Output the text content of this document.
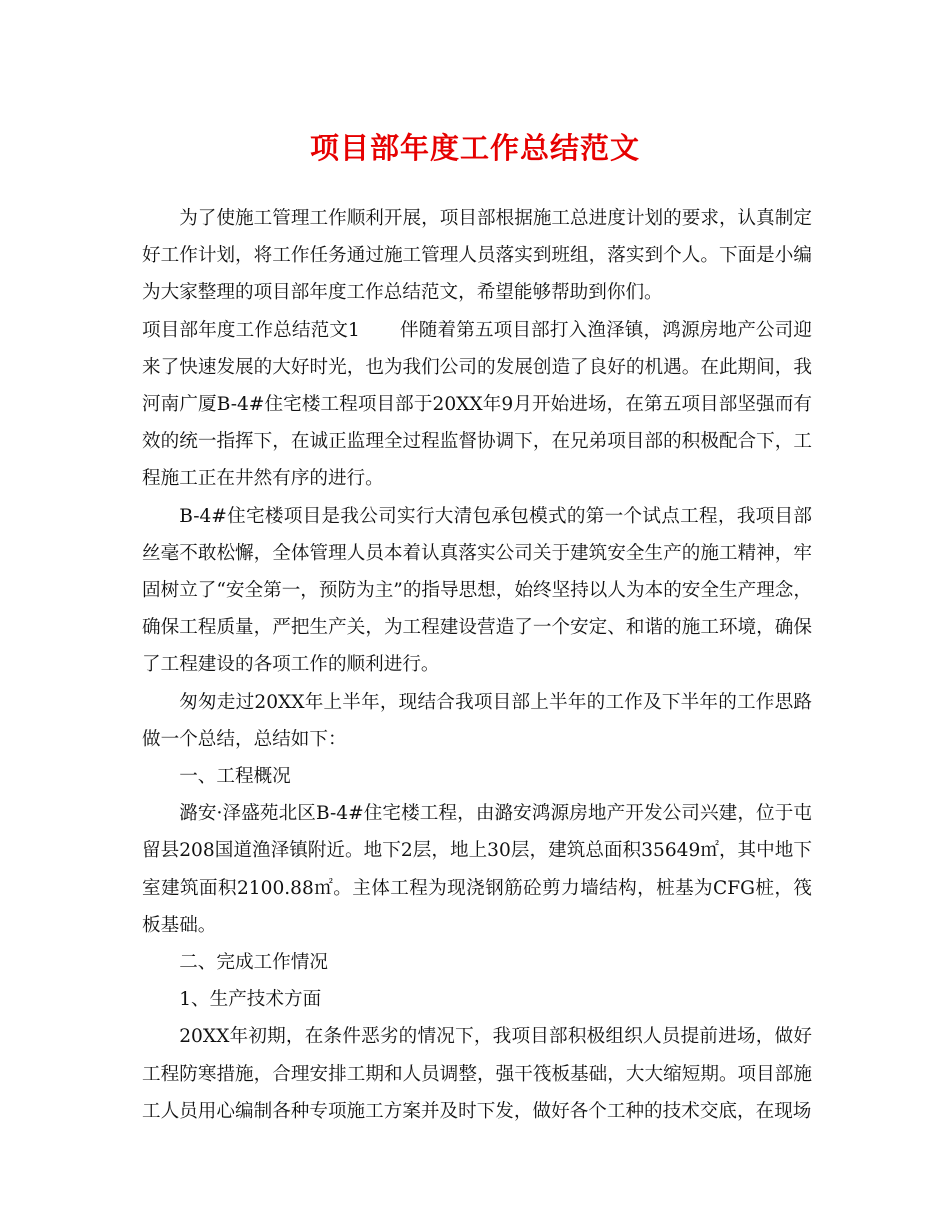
项目部年度工作总结范文

为了使施工管理工作顺利开展，项目部根据施工总进度计划的要求，认真制定好工作计划，将工作任务通过施工管理人员落实到班组，落实到个人。下面是小编为大家整理的项目部年度工作总结范文，希望能够帮助到你们。

项目部年度工作总结范文1 伴随着第五项目部打入渔泽镇，鸿源房地产公司迎来了快速发展的大好时光，也为我们公司的发展创造了良好的机遇。在此期间，我河南广厦B-4#住宅楼工程项目部于20XX年9月开始进场，在第五项目部坚强而有效的统一指挥下，在诚正监理全过程监督协调下，在兄弟项目部的积极配合下，工程施工正在井然有序的进行。

B-4#住宅楼项目是我公司实行大清包承包模式的第一个试点工程，我项目部丝毫不敢松懈，全体管理人员本着认真落实公司关于建筑安全生产的施工精神，牢固树立了“安全第一，预防为主”的指导思想，始终坚持以人为本的安全生产理念，确保工程质量，严把生产关，为工程建设营造了一个安定、和谐的施工环境，确保了工程建设的各项工作的顺利进行。

匆匆走过20XX年上半年，现结合我项目部上半年的工作及下半年的工作思路做一个总结，总结如下：

一、工程概况

潞安·泽盛苑北区B-4#住宅楼工程，由潞安鸿源房地产开发公司兴建，位于屯留县208国道渔泽镇附近。地下2层，地上30层，建筑总面积35649㎡，其中地下室建筑面积2100.88㎡。主体工程为现浇钢筋砼剪力墙结构，桩基为CFG桩，筏板基础。

二、完成工作情况

1、生产技术方面

20XX年初期，在条件恶劣的情况下，我项目部积极组织人员提前进场，做好工程防寒措施，合理安排工期和人员调整，强干筏板基础，大大缩短期。项目部施工人员用心编制各种专项施工方案并及时下发，做好各个工种的技术交底，在现场
